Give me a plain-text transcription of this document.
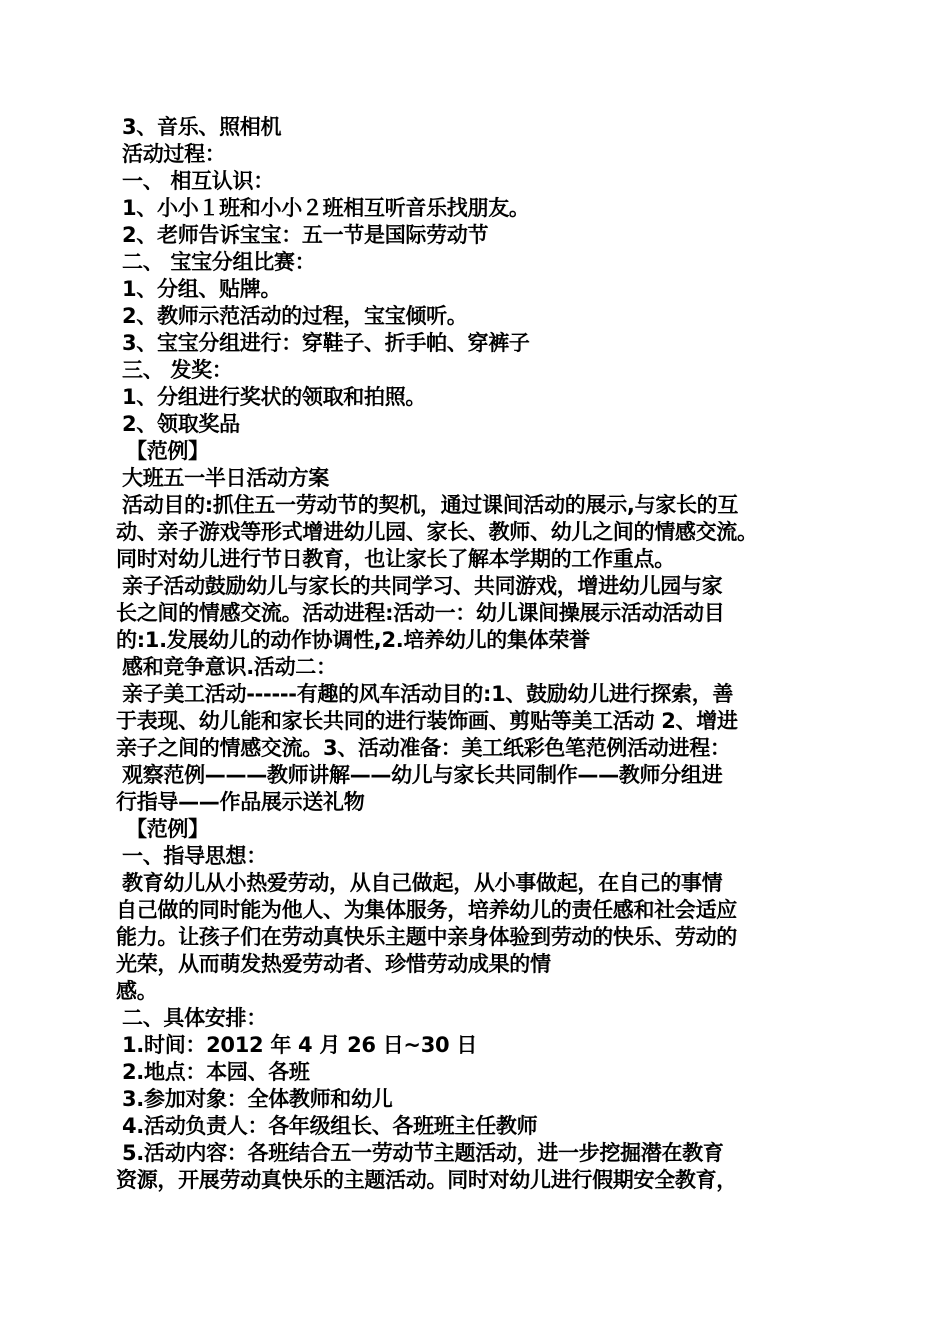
3、音乐、照相机
活动过程：
一、 相互认识：
1、小小１班和小小２班相互听音乐找朋友。
2、老师告诉宝宝：五一节是国际劳动节
二、 宝宝分组比赛：
1、分组、贴牌。
2、教师示范活动的过程，宝宝倾听。
3、宝宝分组进行：穿鞋子、折手帕、穿裤子
三、 发奖：
1、分组进行奖状的领取和拍照。
2、领取奖品
【范例】
大班五一半日活动方案
活动目的:抓住五一劳动节的契机，通过课间活动的展示,与家长的互
动、亲子游戏等形式增进幼儿园、家长、教师、幼儿之间的情感交流。
同时对幼儿进行节日教育，也让家长了解本学期的工作重点。
亲子活动鼓励幼儿与家长的共同学习、共同游戏，增进幼儿园与家
长之间的情感交流。活动进程:活动一：幼儿课间操展示活动活动目
的:1.发展幼儿的动作协调性,2.培养幼儿的集体荣誉
感和竞争意识.活动二：
亲子美工活动------有趣的风车活动目的:1、鼓励幼儿进行探索，善
于表现、幼儿能和家长共同的进行装饰画、剪贴等美工活动 2、增进
亲子之间的情感交流。3、活动准备：美工纸彩色笔范例活动进程：
观察范例———教师讲解——幼儿与家长共同制作——教师分组进
行指导——作品展示送礼物
【范例】
一、指导思想：
教育幼儿从小热爱劳动，从自己做起，从小事做起，在自己的事情
自己做的同时能为他人、为集体服务，培养幼儿的责任感和社会适应
能力。让孩子们在劳动真快乐主题中亲身体验到劳动的快乐、劳动的
光荣，从而萌发热爱劳动者、珍惜劳动成果的情
感。
二、具体安排：
1.时间：2012 年 4 月 26 日~30 日
2.地点：本园、各班
3.参加对象：全体教师和幼儿
4.活动负责人：各年级组长、各班班主任教师
5.活动内容：各班结合五一劳动节主题活动，进一步挖掘潜在教育
资源，开展劳动真快乐的主题活动。同时对幼儿进行假期安全教育，
